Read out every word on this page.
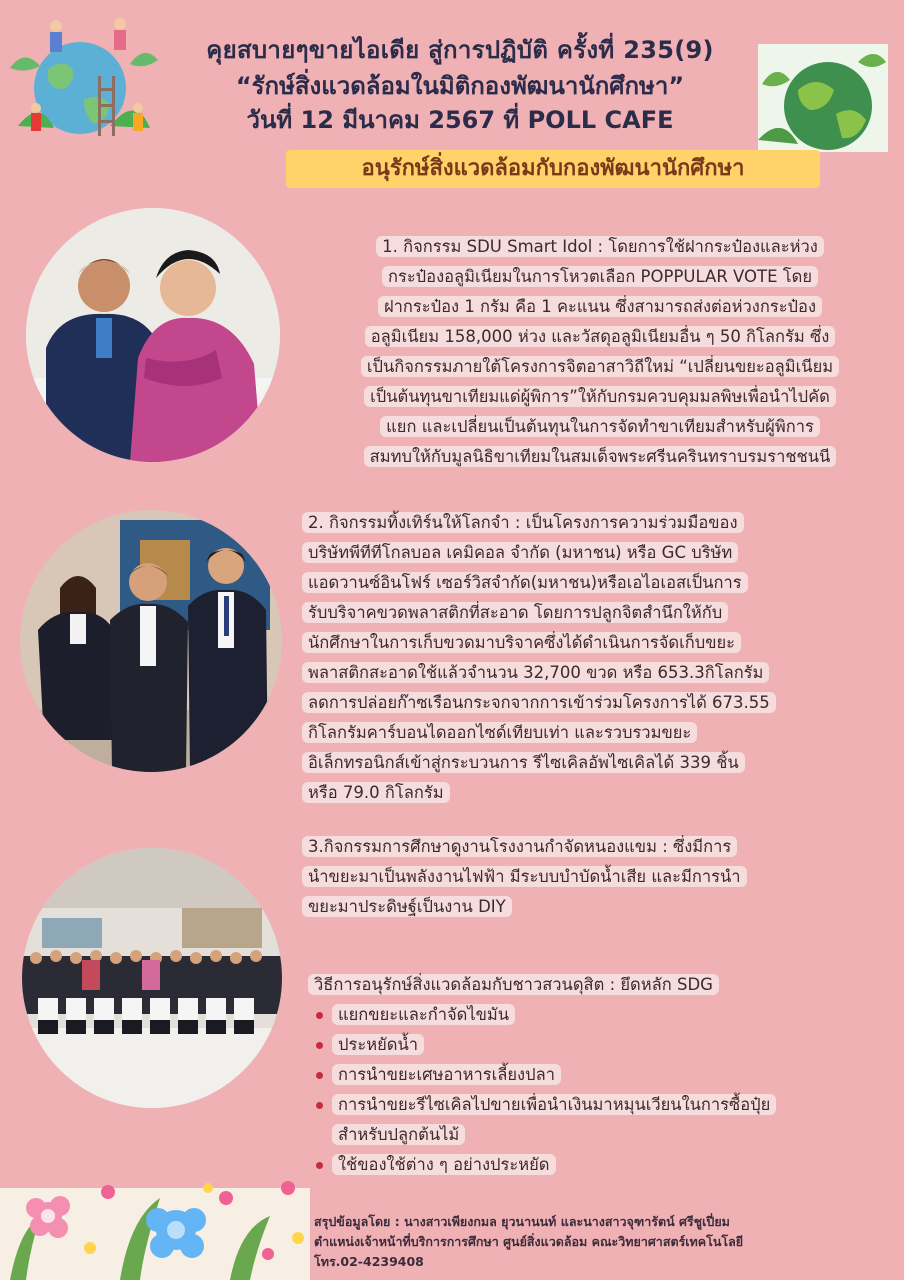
คุยสบายๆขายไอเดีย สู่การปฏิบัติ ครั้งที่ 235(9)
“รักษ์สิ่งแวดล้อมในมิติกองพัฒนานักศึกษา”
วันที่ 12 มีนาคม 2567 ที่ POLL CAFE
อนุรักษ์สิ่งแวดล้อมกับกองพัฒนานักศึกษา
1. กิจกรรม SDU Smart Idol : โดยการใช้ฝากระป๋องและห่วง
กระป๋องอลูมิเนียมในการโหวตเลือก POPPULAR VOTE โดย
ฝากระป๋อง 1 กรัม คือ 1 คะแนน ซึ่งสามารถส่งต่อห่วงกระป๋อง
อลูมิเนียม 158,000 ห่วง และวัสดุอลูมิเนียมอื่น ๆ 50 กิโลกรัม ซึ่ง
เป็นกิจกรรมภายใต้โครงการจิตอาสาวิถีใหม่ “เปลี่ยนขยะอลูมิเนียม
เป็นต้นทุนขาเทียมแด่ผู้พิการ”ให้กับกรมควบคุมมลพิษเพื่อนำไปคัด
แยก และเปลี่ยนเป็นต้นทุนในการจัดทำขาเทียมสำหรับผู้พิการ
สมทบให้กับมูลนิธิขาเทียมในสมเด็จพระศรีนครินทราบรมราชชนนี
2. กิจกรรมทิ้งเทิร์นให้โลกจำ : เป็นโครงการความร่วมมือของ
บริษัทพีทีทีโกลบอล เคมิคอล จำกัด (มหาชน) หรือ GC บริษัท
แอดวานซ์อินโฟร์ เซอร์วิสจำกัด(มหาชน)หรือเอไอเอสเป็นการ
รับบริจาคขวดพลาสติกที่สะอาด โดยการปลูกจิตสำนึกให้กับ
นักศึกษาในการเก็บขวดมาบริจาคซึ่งได้ดำเนินการจัดเก็บขยะ
พลาสติกสะอาดใช้แล้วจำนวน 32,700 ขวด หรือ 653.3กิโลกรัม
ลดการปล่อยก๊าซเรือนกระจกจากการเข้าร่วมโครงการได้ 673.55
กิโลกรัมคาร์บอนไดออกไซด์เทียบเท่า และรวบรวมขยะ
อิเล็กทรอนิกส์เข้าสู่กระบวนการ รีไซเคิลอัพไซเคิลได้ 339 ชิ้น
หรือ 79.0 กิโลกรัม
3.กิจกรรมการศึกษาดูงานโรงงานกำจัดหนองแขม : ซึ่งมีการ
นำขยะมาเป็นพลังงานไฟฟ้า มีระบบบำบัดน้ำเสีย และมีการนำ
ขยะมาประดิษฐ์เป็นงาน DIY
วิธีการอนุรักษ์สิ่งแวดล้อมกับชาวสวนดุสิต : ยึดหลัก SDG
แยกขยะและกำจัดไขมัน
ประหยัดน้ำ
การนำขยะเศษอาหารเลี้ยงปลา
การนำขยะรีไซเคิลไปขายเพื่อนำเงินมาหมุนเวียนในการซื้อปุ๋ย
สำหรับปลูกต้นไม้
ใช้ของใช้ต่าง ๆ อย่างประหยัด
สรุปข้อมูลโดย : นางสาวเพียงกมล ยุวนานนท์ และนางสาวจุฑารัตน์ ศรีชูเปี่ยม
ตำแหน่งเจ้าหน้าที่บริการการศึกษา ศูนย์สิ่งแวดล้อม คณะวิทยาศาสตร์เทคโนโลยี
โทร.02-4239408
